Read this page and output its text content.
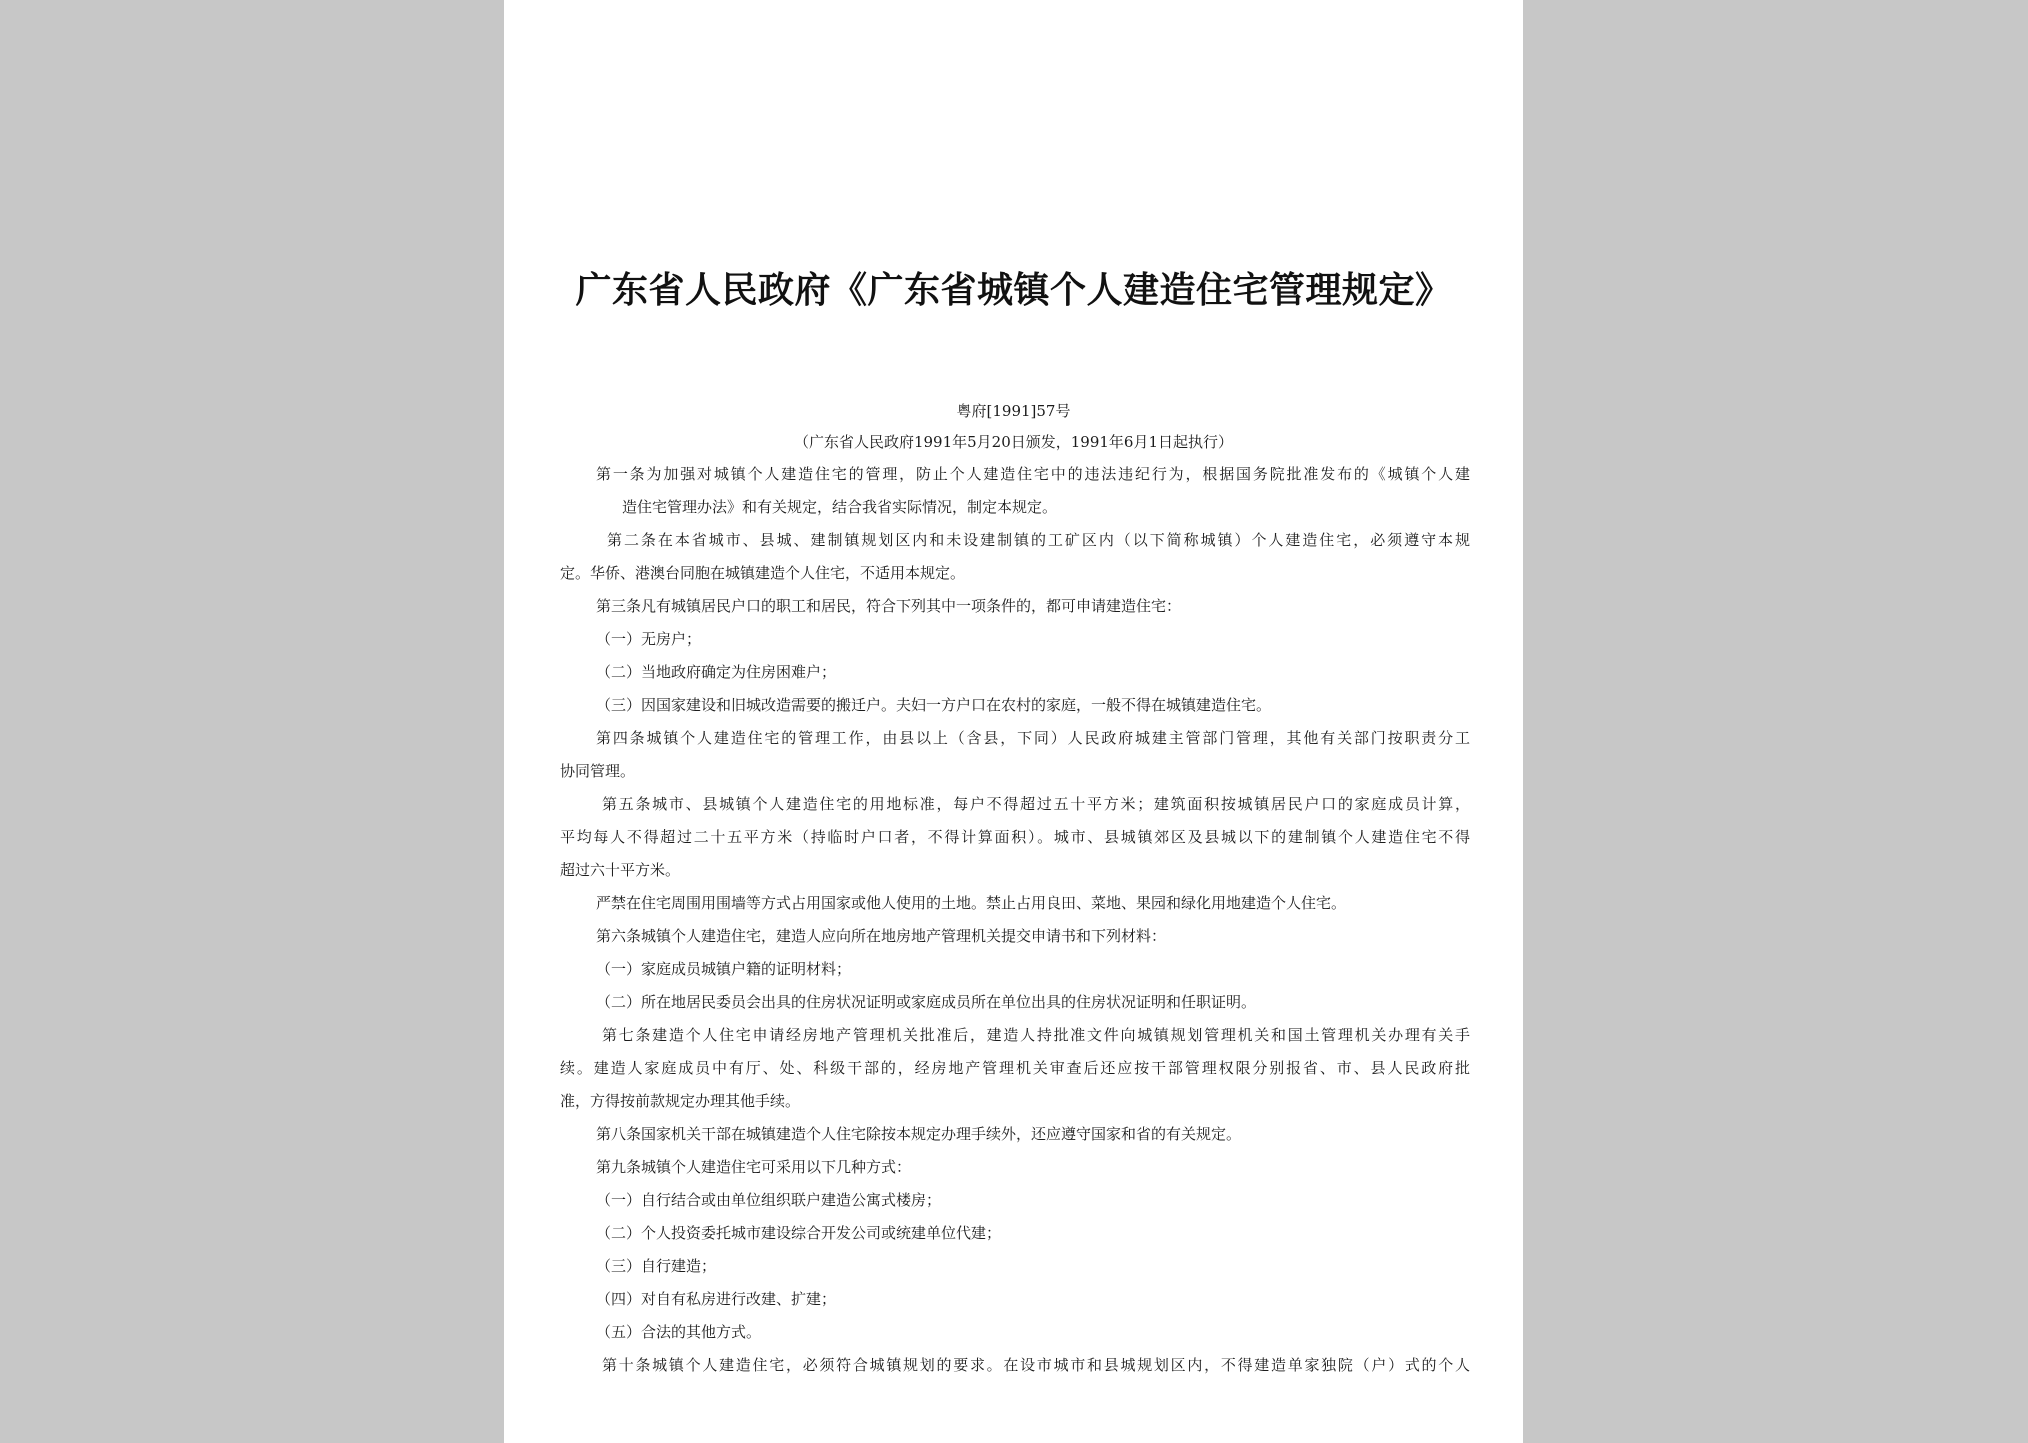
广东省人民政府《广东省城镇个人建造住宅管理规定》
粤府[1991]57号
（广东省人民政府1991年5月20日颁发，1991年6月1日起执行）
第一条为加强对城镇个人建造住宅的管理，防止个人建造住宅中的违法违纪行为，根据国务院批准发布的《城镇个人建
造住宅管理办法》和有关规定，结合我省实际情况，制定本规定。
第二条在本省城市、县城、建制镇规划区内和未设建制镇的工矿区内（以下简称城镇）个人建造住宅，必须遵守本规
定。华侨、港澳台同胞在城镇建造个人住宅，不适用本规定。
第三条凡有城镇居民户口的职工和居民，符合下列其中一项条件的，都可申请建造住宅：
（一）无房户；
（二）当地政府确定为住房困难户；
（三）因国家建设和旧城改造需要的搬迁户。夫妇一方户口在农村的家庭，一般不得在城镇建造住宅。
第四条城镇个人建造住宅的管理工作，由县以上（含县，下同）人民政府城建主管部门管理，其他有关部门按职责分工
协同管理。
第五条城市、县城镇个人建造住宅的用地标准，每户不得超过五十平方米；建筑面积按城镇居民户口的家庭成员计算，
平均每人不得超过二十五平方米（持临时户口者，不得计算面积）。城市、县城镇郊区及县城以下的建制镇个人建造住宅不得
超过六十平方米。
严禁在住宅周围用围墙等方式占用国家或他人使用的土地。禁止占用良田、菜地、果园和绿化用地建造个人住宅。
第六条城镇个人建造住宅，建造人应向所在地房地产管理机关提交申请书和下列材料：
（一）家庭成员城镇户籍的证明材料；
（二）所在地居民委员会出具的住房状况证明或家庭成员所在单位出具的住房状况证明和任职证明。
第七条建造个人住宅申请经房地产管理机关批准后，建造人持批准文件向城镇规划管理机关和国土管理机关办理有关手
续。建造人家庭成员中有厅、处、科级干部的，经房地产管理机关审查后还应按干部管理权限分别报省、市、县人民政府批
准，方得按前款规定办理其他手续。
第八条国家机关干部在城镇建造个人住宅除按本规定办理手续外，还应遵守国家和省的有关规定。
第九条城镇个人建造住宅可采用以下几种方式：
（一）自行结合或由单位组织联户建造公寓式楼房；
（二）个人投资委托城市建设综合开发公司或统建单位代建；
（三）自行建造；
（四）对自有私房进行改建、扩建；
（五）合法的其他方式。
第十条城镇个人建造住宅，必须符合城镇规划的要求。在设市城市和县城规划区内，不得建造单家独院（户）式的个人
